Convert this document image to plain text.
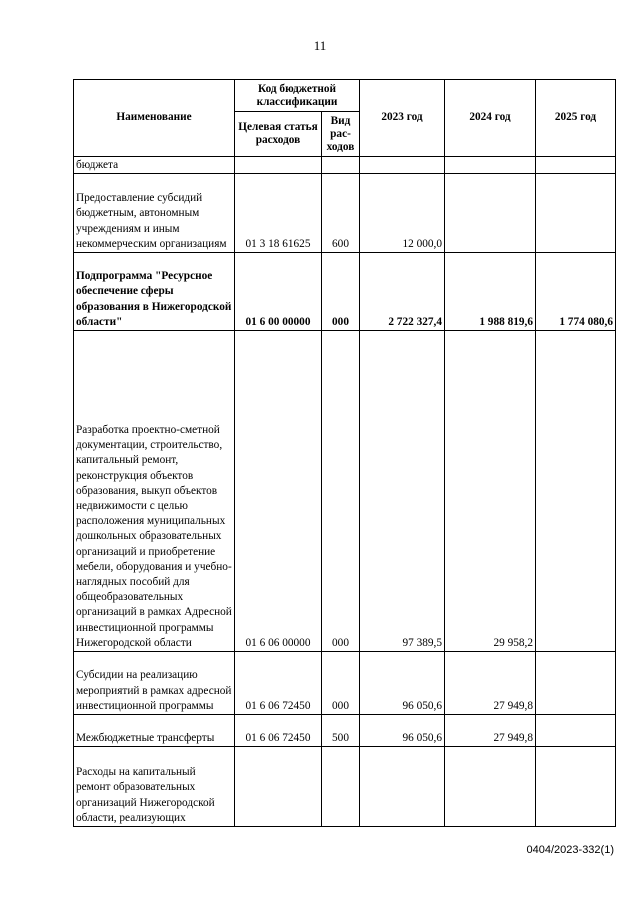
11
Наименование	Код бюджетной классификации		2023 год	2024 год	2025 год
	Целевая статья расходов	Вид рас-ходов			
бюджета					
Предоставление субсидий бюджетным, автономным учреждениям и иным некоммерческим организациям	01 3 18 61625	600	12 000,0		
Подпрограмма "Ресурсное обеспечение сферы образования в Нижегородской области"	01 6 00 00000	000	2 722 327,4	1 988 819,6	1 774 080,6
Разработка проектно-сметной документации, строительство, капитальный ремонт, реконструкция объектов образования, выкуп объектов недвижимости с целью расположения муниципальных дошкольных образовательных организаций и приобретение мебели, оборудования и учебно-наглядных пособий для общеобразовательных организаций в рамках Адресной инвестиционной программы Нижегородской области	01 6 06 00000	000	97 389,5	29 958,2	
Субсидии на реализацию мероприятий в рамках адресной инвестиционной программы	01 6 06 72450	000	96 050,6	27 949,8	
Межбюджетные трансферты	01 6 06 72450	500	96 050,6	27 949,8	
Расходы на капитальный ремонт образовательных организаций Нижегородской области, реализующих					
0404/2023-332(1)
